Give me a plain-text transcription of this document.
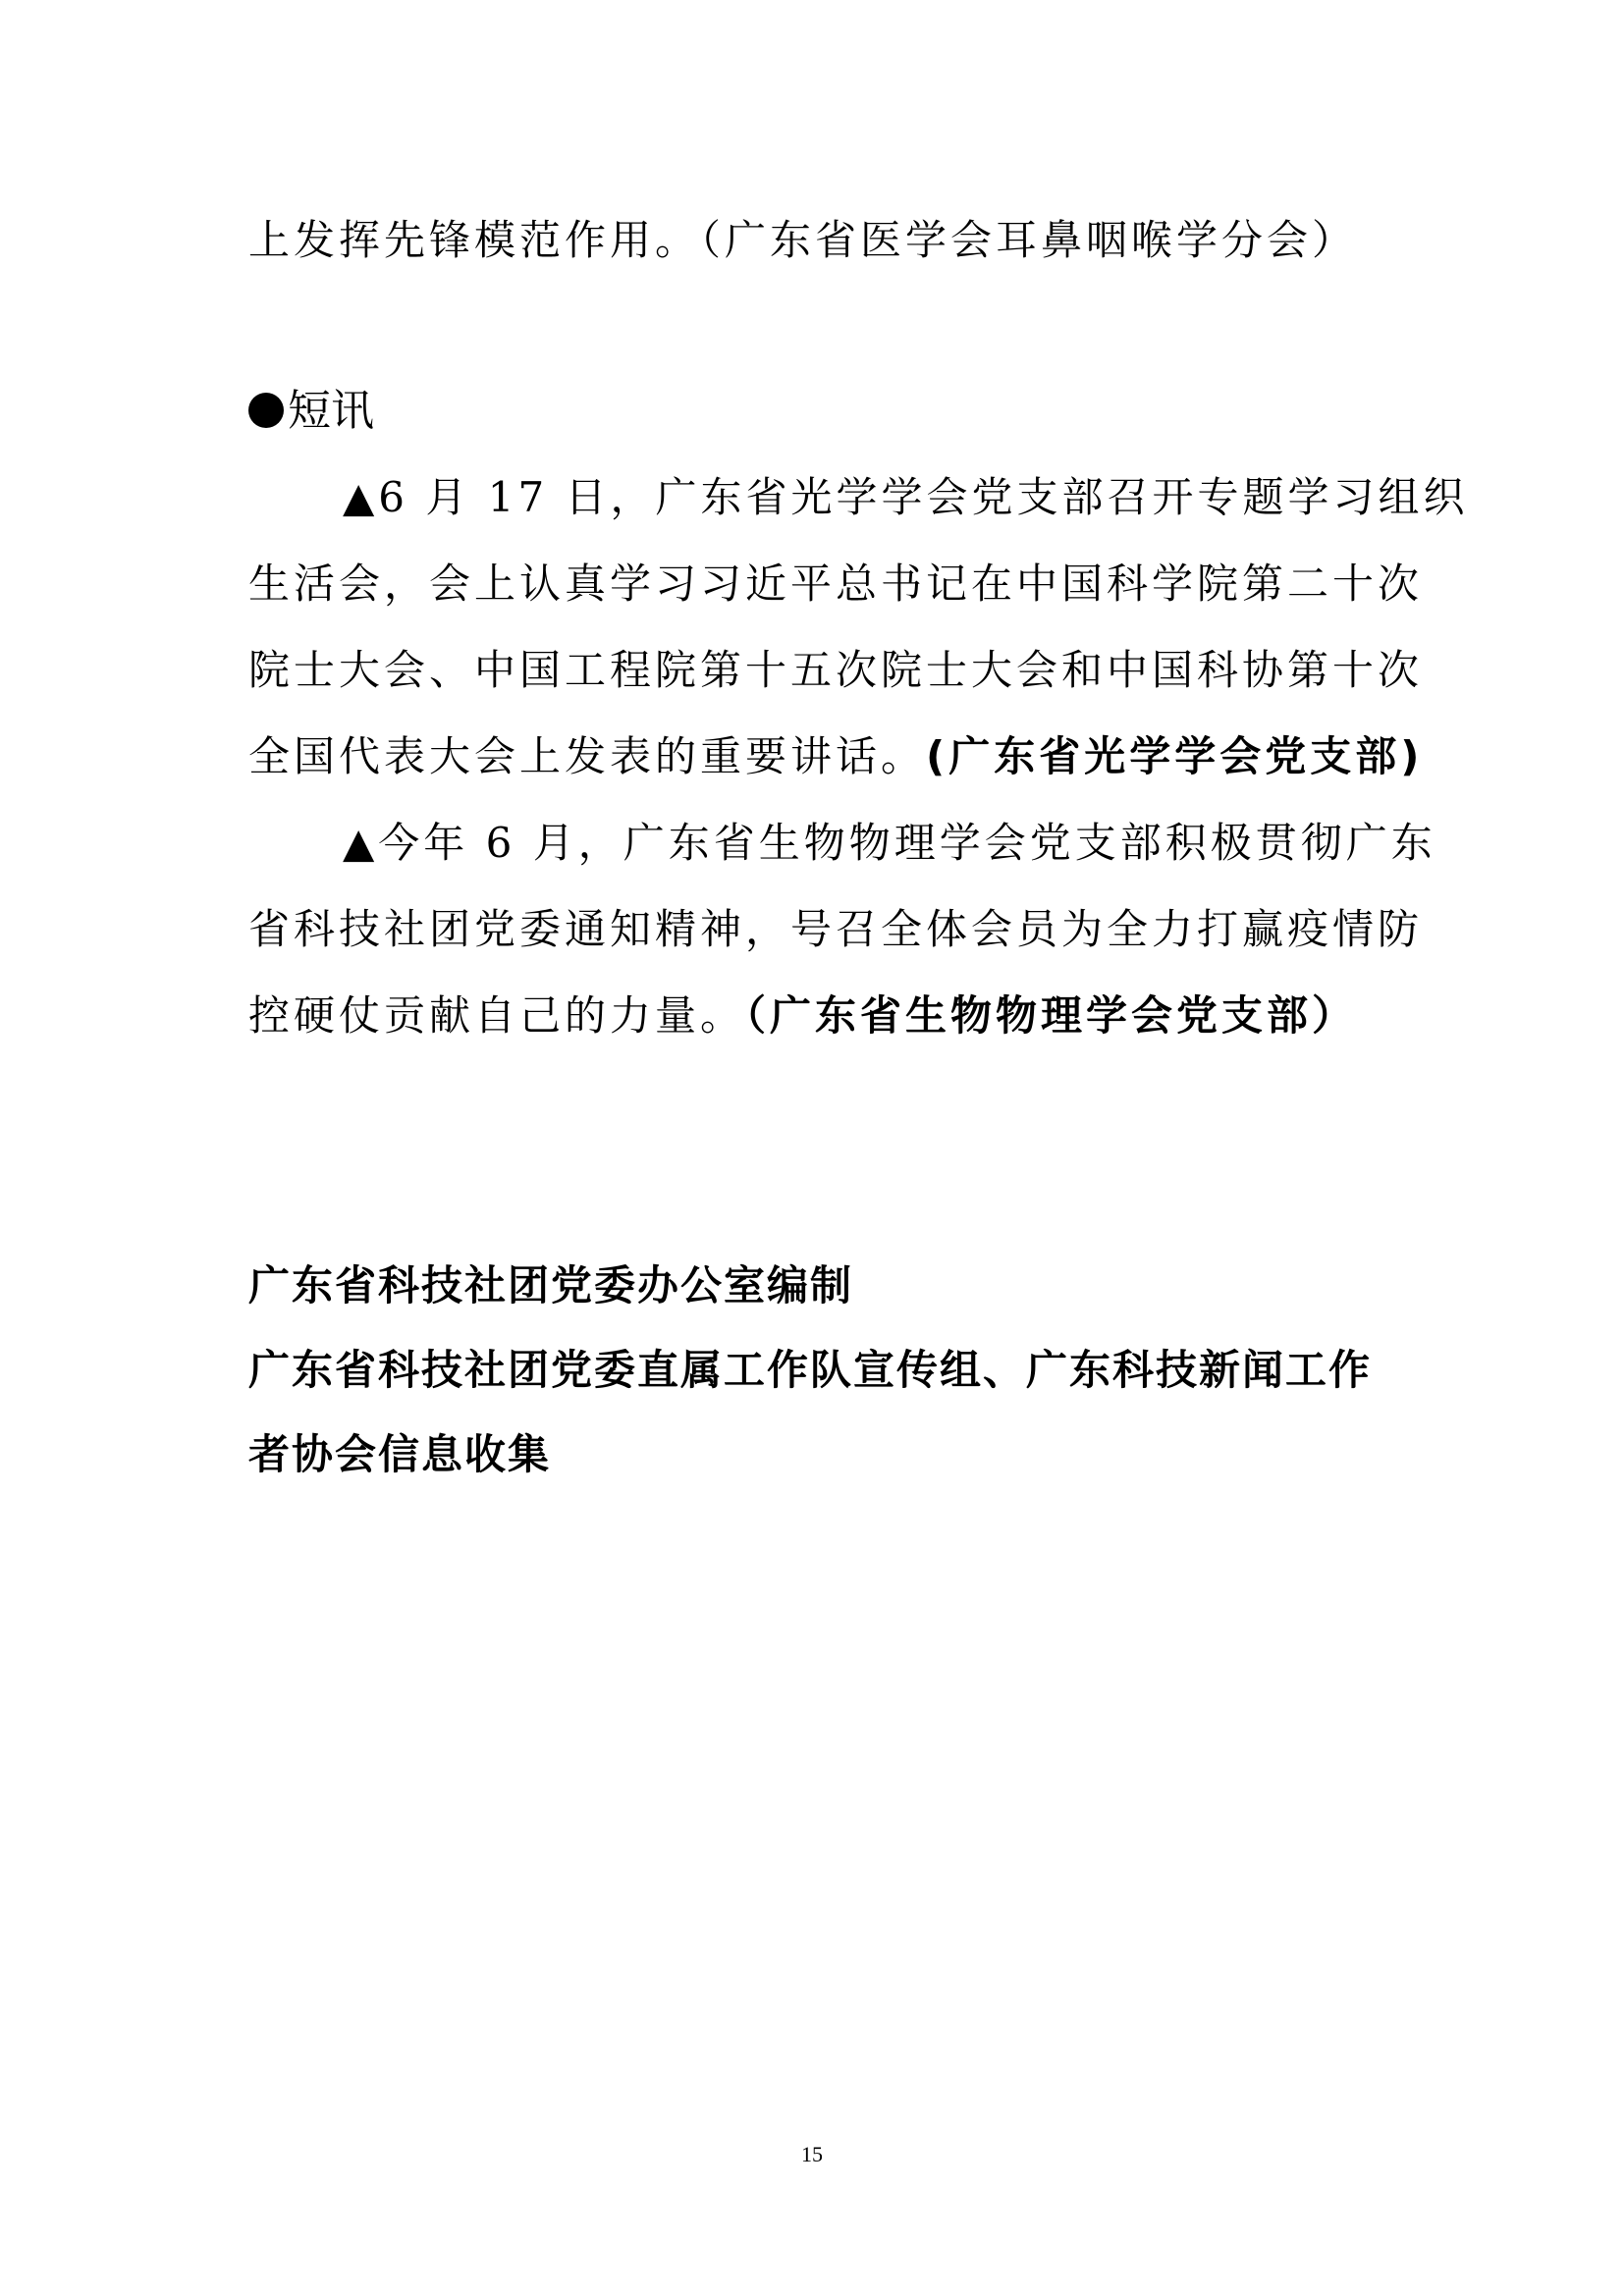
上发挥先锋模范作用。（广东省医学会耳鼻咽喉学分会）
短讯
▲6 月 17 日，广东省光学学会党支部召开专题学习组织
生活会，会上认真学习习近平总书记在中国科学院第二十次
院士大会、中国工程院第十五次院士大会和中国科协第十次
全国代表大会上发表的重要讲话。(广东省光学学会党支部)
▲今年 6 月，广东省生物物理学会党支部积极贯彻广东
省科技社团党委通知精神，号召全体会员为全力打赢疫情防
控硬仗贡献自己的力量。（广东省生物物理学会党支部）
广东省科技社团党委办公室编制
广东省科技社团党委直属工作队宣传组、广东科技新闻工作
者协会信息收集
15
